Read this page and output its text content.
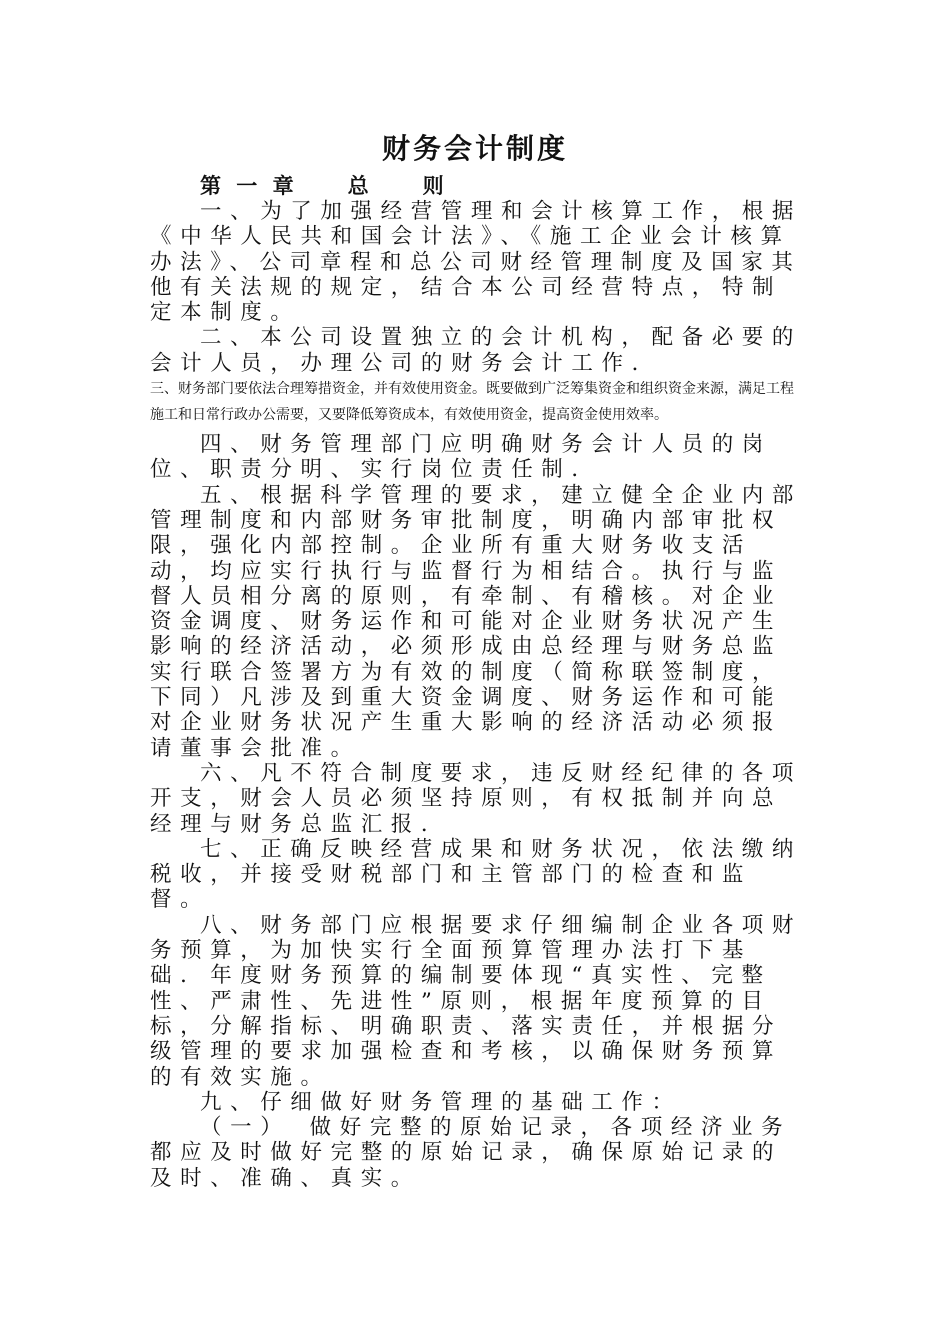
财务会计制度
第 一 章　　总　　则

一、为了加强经营管理和会计核算工作，根据《中华人民共和国会计法》、《施工企业会计核算办法》、公司章程和总公司财经管理制度及国家其他有关法规的规定，结合本公司经营特点，特制定本制度。

二、本公司设置独立的会计机构，配备必要的会计人员，办理公司的财务会计工作．

三、财务部门要依法合理筹措资金，并有效使用资金。既要做到广泛筹集资金和组织资金来源，满足工程施工和日常行政办公需要，又要降低筹资成本，有效使用资金，提高资金使用效率。

四、财务管理部门应明确财务会计人员的岗位、职责分明、实行岗位责任制．

五、根据科学管理的要求，建立健全企业内部管理制度和内部财务审批制度，明确内部审批权限，强化内部控制。企业所有重大财务收支活动，均应实行执行与监督行为相结合。执行与监督人员相分离的原则，有牵制、有稽核。对企业资金调度、财务运作和可能对企业财务状况产生影响的经济活动，必须形成由总经理与财务总监实行联合签署方为有效的制度（简称联签制度，下同）凡涉及到重大资金调度、财务运作和可能对企业财务状况产生重大影响的经济活动必须报请董事会批准。

六、凡不符合制度要求，违反财经纪律的各项开支，财会人员必须坚持原则，有权抵制并向总经理与财务总监汇报．

七、正确反映经营成果和财务状况，依法缴纳税收，并接受财税部门和主管部门的检查和监督。

八、财务部门应根据要求仔细编制企业各项财务预算，为加快实行全面预算管理办法打下基础．年度财务预算的编制要体现“真实性、完整性、严肃性、先进性”原则，根据年度预算的目标，分解指标、明确职责、落实责任，并根据分级管理的要求加强检查和考核，以确保财务预算的有效实施。

九、仔细做好财务管理的基础工作：

（一）　做好完整的原始记录，各项经济业务都应及时做好完整的原始记录，确保原始记录的及时、准确、真实。
